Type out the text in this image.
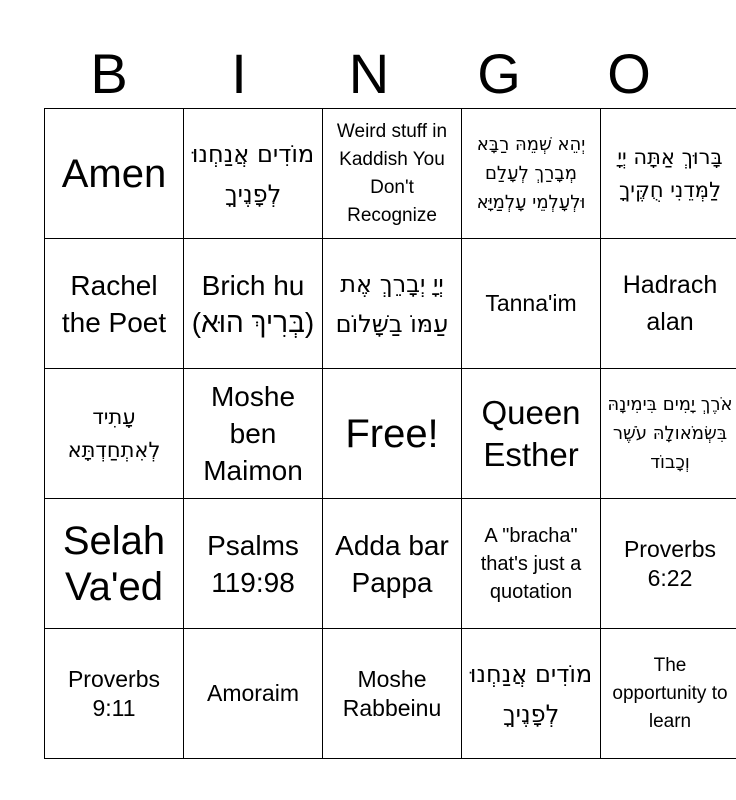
B	I	N	G	O
Amen	מוֹדִים אֲנַחְנוּ לְפָנֶיךָ	Weird stuff in Kaddish You Don't Recognize	יְהֵא שְׁמֵהּ רַבָּא מְבָרַךְ לְעָלַם וּלְעָלְמֵי עָלְמַיָּא	בָּרוּךְ אַתָּה יְיָ לַמְּדֵנִי חֻקֶּיךָ

Rachel the Poet	Brich hu (בְּרִיךְ הוּא)	יְיָ יְבָרֵךְ אֶת עַמּוֹ בַשָּׁלוֹם	Tanna'im	Hadrach alan

עָתִיד לְאִתְחַדְתָּא	Moshe ben Maimon	Free!	Queen Esther	אֹרֶךְ יָמִים בִּימִינָהּ בִּשְׂמֹאולָהּ עֹשֶׁר וְכָבוֹד

Selah Va'ed	Psalms 119:98	Adda bar Pappa	A "bracha" that's just a quotation	Proverbs 6:22

Proverbs 9:11	Amoraim	Moshe Rabbeinu	מוֹדִים אֲנַחְנוּ לְפָנֶיךָ	The opportunity to learn
